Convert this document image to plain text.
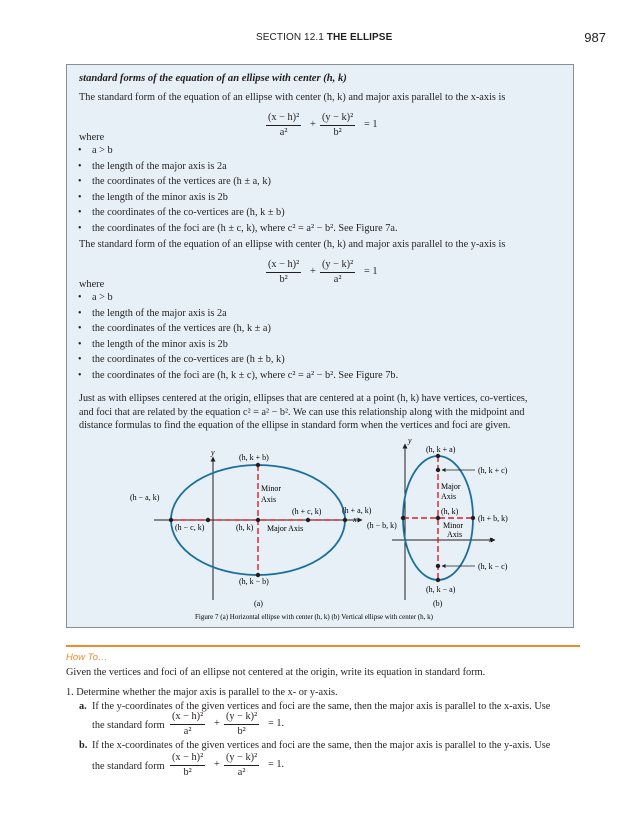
SECTION 12.1 THE ELLIPSE	987
standard forms of the equation of an ellipse with center (h, k)
The standard form of the equation of an ellipse with center (h, k) and major axis parallel to the x-axis is
$\frac{\text{(x − h)²}}{\text{a²}} + \frac{\text{(y − k)²}}{\text{b²}} = 1$
where
• a > b
• the length of the major axis is 2a
• the coordinates of the vertices are (h ± a, k)
• the length of the minor axis is 2b
• the coordinates of the co-vertices are (h, k ± b)
• the coordinates of the foci are (h ± c, k), where c² = a² − b². See Figure 7a.
The standard form of the equation of an ellipse with center (h, k) and major axis parallel to the y-axis is
$\frac{\text{(x − h)²}}{\text{b²}} + \frac{\text{(y − k)²}}{\text{a²}} = 1$
where
• a > b
• the length of the major axis is 2a
• the coordinates of the vertices are (h, k ± a)
• the length of the minor axis is 2b
• the coordinates of the co-vertices are (h ± b, k)
• the coordinates of the foci are (h, k ± c), where c² = a² − b². See Figure 7b.
Just as with ellipses centered at the origin, ellipses that are centered at a point (h, k) have vertices, co-vertices,
and foci that are related by the equation c² = a² − b². We can use this relationship along with the midpoint and
distance formulas to find the equation of the ellipse in standard form when the vertices and foci are given.
y
x
(h, k + b)
(h, k − b)
(h − a, k)
(h + a, k)
(h − c, k)
(h + c, k)
(h, k)
Minor
Axis
Major Axis
(a)
y
x
(h, k + a)
(h, k − a)
(h, k + c)
(h, k − c)
(h − b, k)
(h + b, k)
(h, k)
Major
Axis
Minor
Axis
(b)
Figure 7 (a) Horizontal ellipse with center (h, k) (b) Vertical ellipse with center (h, k)
How To…
Given the vertices and foci of an ellipse not centered at the origin, write its equation in standard form.
1. Determine whether the major axis is parallel to the x- or y-axis.
a. If the y-coordinates of the given vertices and foci are the same, then the major axis is parallel to the x-axis. Use
the standard form $\frac{\text{(x − h)²}}{\text{a²}} + \frac{\text{(y − k)²}}{\text{b²}} = 1$.
b. If the x-coordinates of the given vertices and foci are the same, then the major axis is parallel to the y-axis. Use
the standard form $\frac{\text{(x − h)²}}{\text{b²}} + \frac{\text{(y − k)²}}{\text{a²}} = 1$.
